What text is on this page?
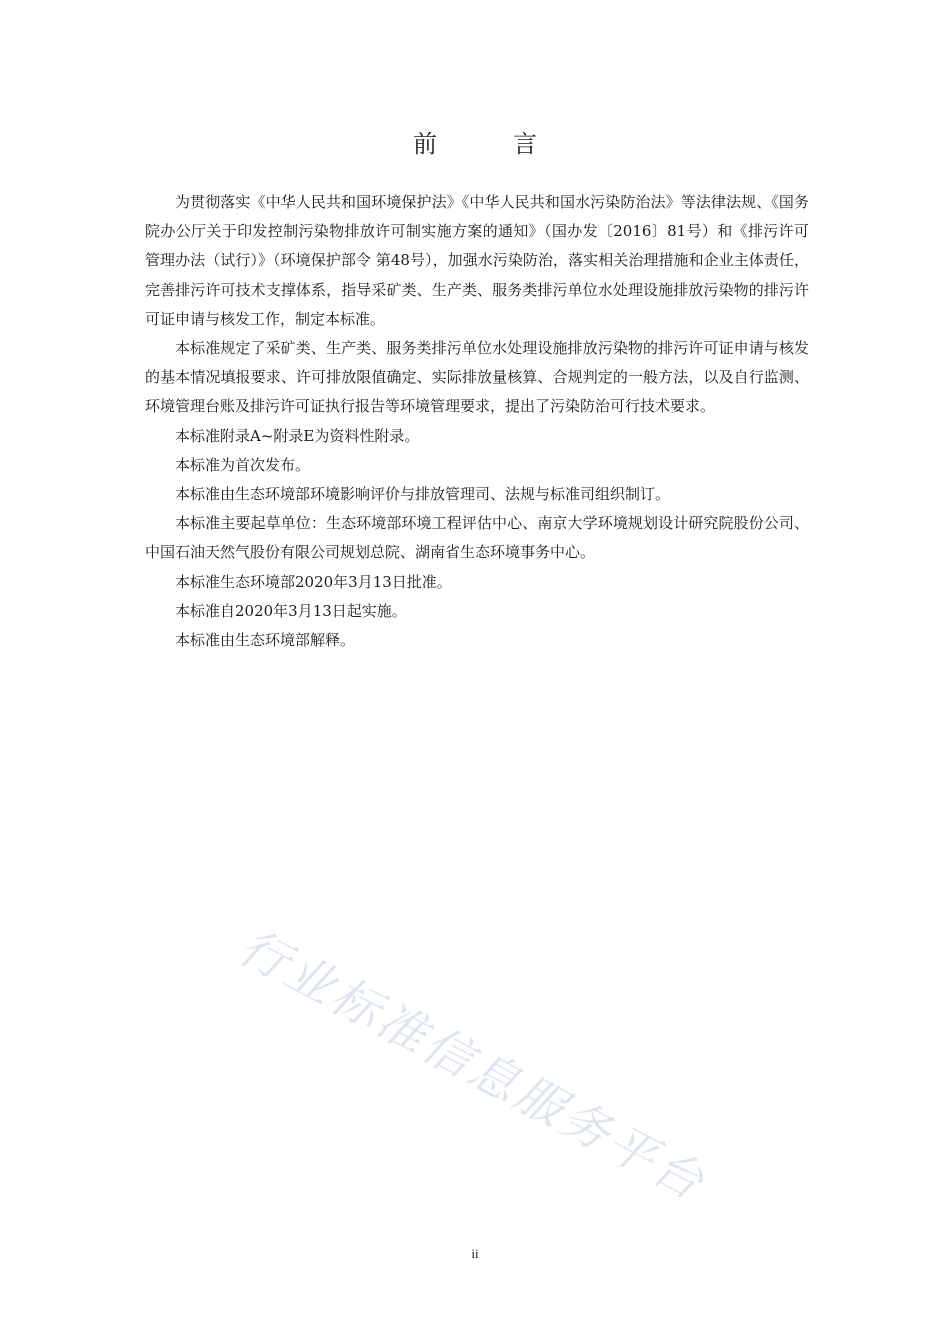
前　言

为贯彻落实《中华人民共和国环境保护法》《中华人民共和国水污染防治法》等法律法规、《国务院办公厅关于印发控制污染物排放许可制实施方案的通知》（国办发〔2016〕81号）和《排污许可管理办法（试行）》（环境保护部令 第48号），加强水污染防治，落实相关治理措施和企业主体责任，完善排污许可技术支撑体系，指导采矿类、生产类、服务类排污单位水处理设施排放污染物的排污许可证申请与核发工作，制定本标准。

本标准规定了采矿类、生产类、服务类排污单位水处理设施排放污染物的排污许可证申请与核发的基本情况填报要求、许可排放限值确定、实际排放量核算、合规判定的一般方法，以及自行监测、环境管理台账及排污许可证执行报告等环境管理要求，提出了污染防治可行技术要求。

本标准附录A~附录E为资料性附录。

本标准为首次发布。

本标准由生态环境部环境影响评价与排放管理司、法规与标准司组织制订。

本标准主要起草单位：生态环境部环境工程评估中心、南京大学环境规划设计研究院股份公司、中国石油天然气股份有限公司规划总院、湖南省生态环境事务中心。

本标准生态环境部2020年3月13日批准。

本标准自2020年3月13日起实施。

本标准由生态环境部解释。

行业标准信息服务平台
ii
